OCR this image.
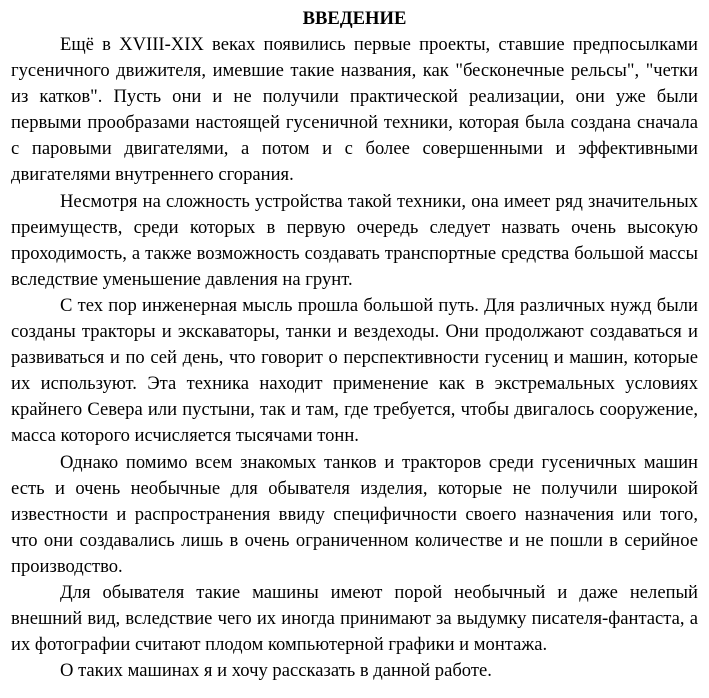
ВВЕДЕНИЕ

Ещё в XVIII-XIX веках появились первые проекты, ставшие предпосылками гусеничного движителя, имевшие такие названия, как "бесконечные рельсы", "четки из катков". Пусть они и не получили практической реализации, они уже были первыми прообразами настоящей гусеничной техники, которая была создана сначала с паровыми двигателями, а потом и с более совершенными и эффективными двигателями внутреннего сгорания.

Несмотря на сложность устройства такой техники, она имеет ряд значительных преимуществ, среди которых в первую очередь следует назвать очень высокую проходимость, а также возможность создавать транспортные средства большой массы вследствие уменьшение давления на грунт.

С тех пор инженерная мысль прошла большой путь. Для различных нужд были созданы тракторы и экскаваторы, танки и вездеходы. Они продолжают создаваться и развиваться и по сей день, что говорит о перспективности гусениц и машин, которые их используют. Эта техника находит применение как в экстремальных условиях крайнего Севера или пустыни, так и там, где требуется, чтобы двигалось сооружение, масса которого исчисляется тысячами тонн.

Однако помимо всем знакомых танков и тракторов среди гусеничных машин есть и очень необычные для обывателя изделия, которые не получили широкой известности и распространения ввиду специфичности своего назначения или того, что они создавались лишь в очень ограниченном количестве и не пошли в серийное производство.

Для обывателя такие машины имеют порой необычный и даже нелепый внешний вид, вследствие чего их иногда принимают за выдумку писателя-фантаста, а их фотографии считают плодом компьютерной графики и монтажа.

О таких машинах я и хочу рассказать в данной работе.
